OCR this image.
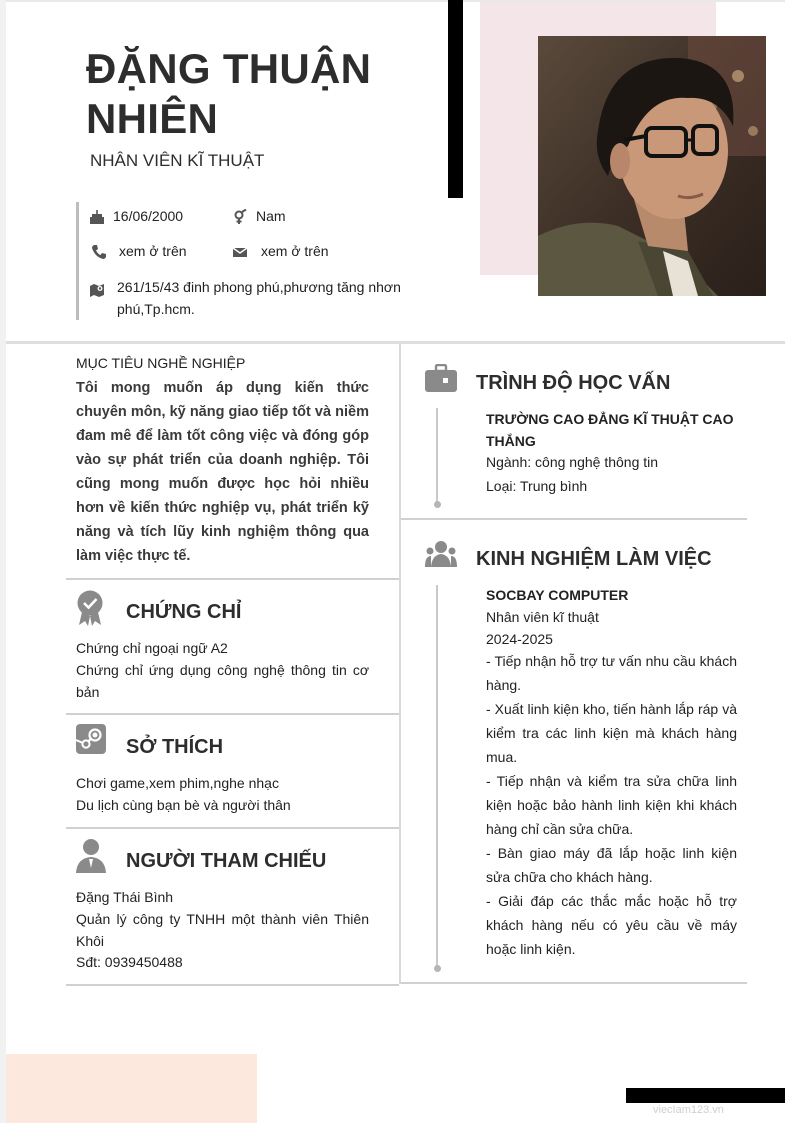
ĐẶNG THUẬN NHIÊN
NHÂN VIÊN KĨ THUẬT
16/06/2000	Nam
xem ở trên	xem ở trên
261/15/43 đinh phong phú,phương tăng nhơn phú,Tp.hcm.
MỤC TIÊU NGHỀ NGHIỆP
Tôi mong muốn áp dụng kiến thức chuyên môn, kỹ năng giao tiếp tốt và niềm đam mê để làm tốt công việc và đóng góp vào sự phát triển của doanh nghiệp. Tôi cũng mong muốn được học hỏi nhiều hơn về kiến thức nghiệp vụ, phát triển kỹ năng và tích lũy kinh nghiệm thông qua làm việc thực tế.
CHỨNG CHỈ
Chứng chỉ ngoại ngữ A2
Chứng chỉ ứng dụng công nghệ thông tin cơ bản
SỞ THÍCH
Chơi game,xem phim,nghe nhạc
Du lịch cùng bạn bè và người thân
NGƯỜI THAM CHIẾU
Đặng Thái Bình
Quản lý công ty TNHH một thành viên Thiên Khôi
Sđt: 0939450488
TRÌNH ĐỘ HỌC VẤN
TRƯỜNG CAO ĐẲNG KĨ THUẬT CAO THẮNG
Ngành: công nghệ thông tin
Loại: Trung bình
KINH NGHIỆM LÀM VIỆC
SOCBAY COMPUTER
Nhân viên kĩ thuật
2024-2025
- Tiếp nhận hỗ trợ tư vấn nhu cầu khách hàng.
- Xuất linh kiện kho, tiến hành lắp ráp và kiểm tra các linh kiện mà khách hàng mua.
- Tiếp nhận và kiểm tra sửa chữa linh kiện hoặc bảo hành linh kiện khi khách hàng chỉ cần sửa chữa.
- Bàn giao máy đã lắp hoặc linh kiện sửa chữa cho khách hàng.
- Giải đáp các thắc mắc hoặc hỗ trợ khách hàng nếu có yêu cầu về máy hoặc linh kiện.
viecIam123.vn
